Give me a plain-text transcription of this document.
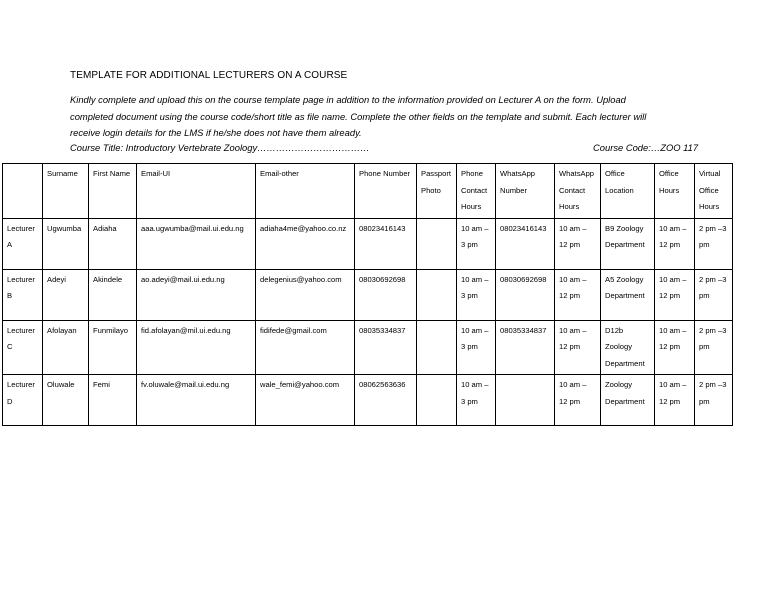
TEMPLATE FOR ADDITIONAL LECTURERS ON A COURSE

Kindly complete and upload this on the course template page in addition to the information provided on Lecturer A on the form. Upload

completed document using the course code/short title as file name. Complete the other fields on the template and submit. Each lecturer will

receive login details for the LMS if he/she does not have them already.

Course Title: Introductory Vertebrate Zoology………………………………	Course Code:…ZOO 117
	Surname	First Name	Email-UI	Email-other	Phone Number	Passport Photo	Phone Contact Hours	WhatsApp Number	WhatsApp Contact Hours	Office Location	Office Hours	Virtual Office Hours
Lecturer A	Ugwumba	Adiaha	aaa.ugwumba@mail.ui.edu.ng	adiaha4me@yahoo.co.nz	08023416143		10 am –3 pm	08023416143	10 am – 12 pm	B9 Zoology Department	10 am – 12 pm	2 pm –3 pm
Lecturer B	Adeyi	Akindele	ao.adeyi@mail.ui.edu.ng	delegenius@yahoo.com	08030692698		10 am –3 pm	08030692698	10 am – 12 pm	A5 Zoology Department	10 am – 12 pm	2 pm –3 pm
Lecturer C	Afolayan	Funmilayo	fid.afolayan@mil.ui.edu.ng	fidifede@gmail.com	08035334837		10 am –3 pm	08035334837	10 am – 12 pm	D12b Zoology Department	10 am – 12 pm	2 pm –3 pm
Lecturer D	Oluwale	Femi	fv.oluwale@mail.ui.edu.ng	wale_femi@yahoo.com	08062563636		10 am –3 pm		10 am – 12 pm	Zoology Department	10 am – 12 pm	2 pm –3 pm
